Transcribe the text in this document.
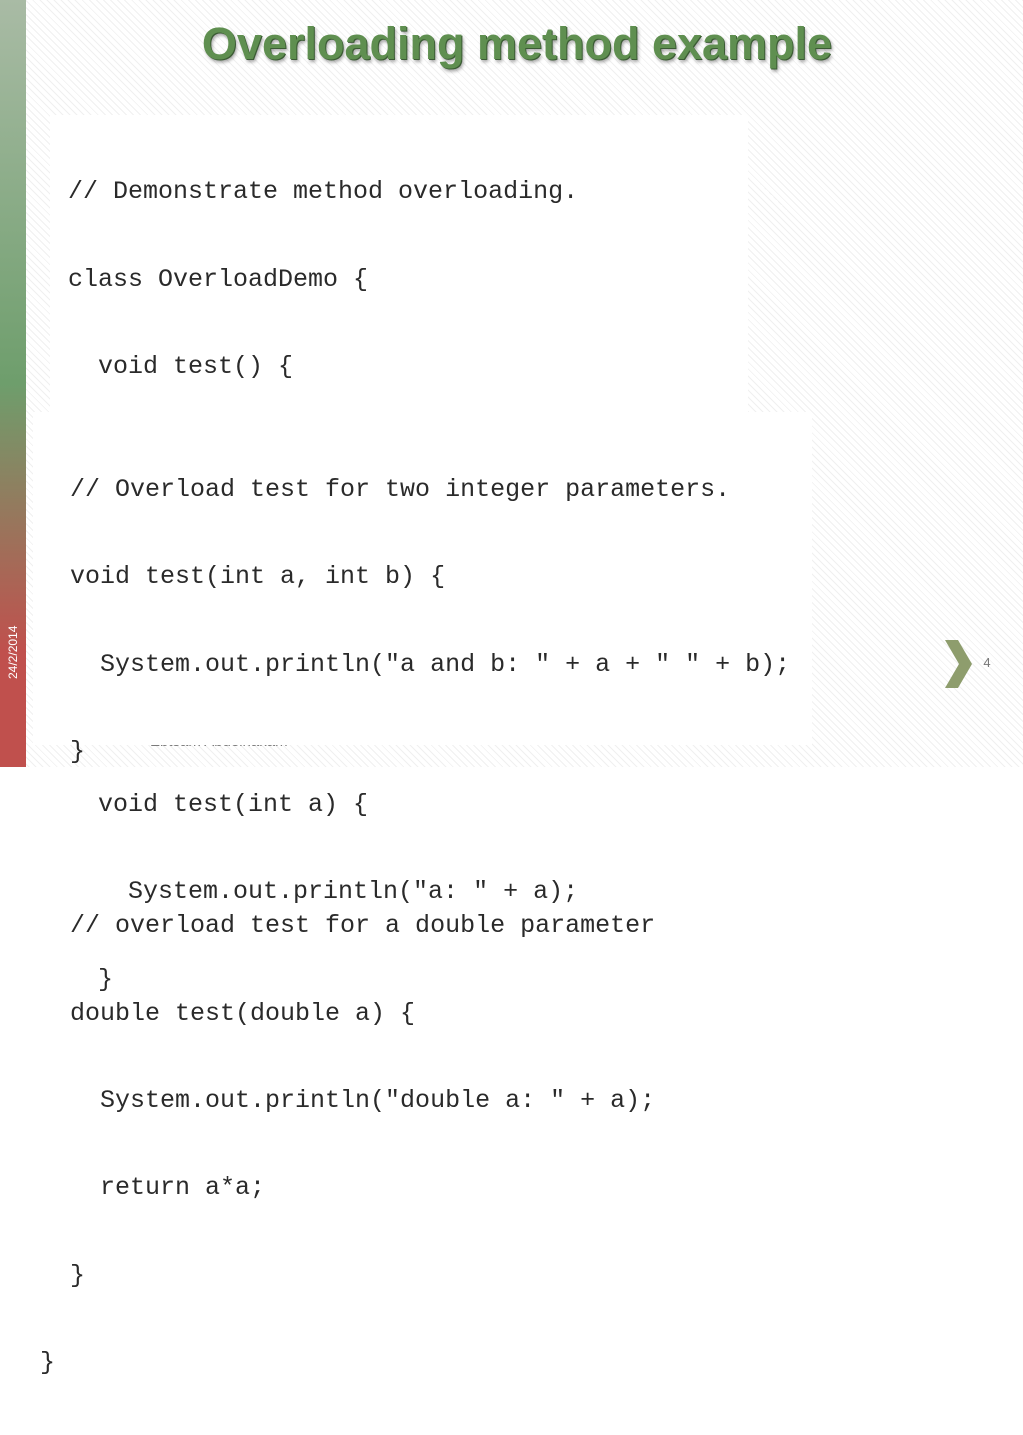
24/2/2014
Overloading method example

// Demonstrate method overloading.

class OverloadDemo {

void test() {

void test(int a) {

System.out.println("a: " + a);

}

// Overload test for two integer parameters.

void test(int a, int b) {

System.out.println("a and b: " + a + " " + b);

}

// overload test for a double parameter

double test(double a) {

System.out.println("double a: " + a);

return a*a;

}

}

4
